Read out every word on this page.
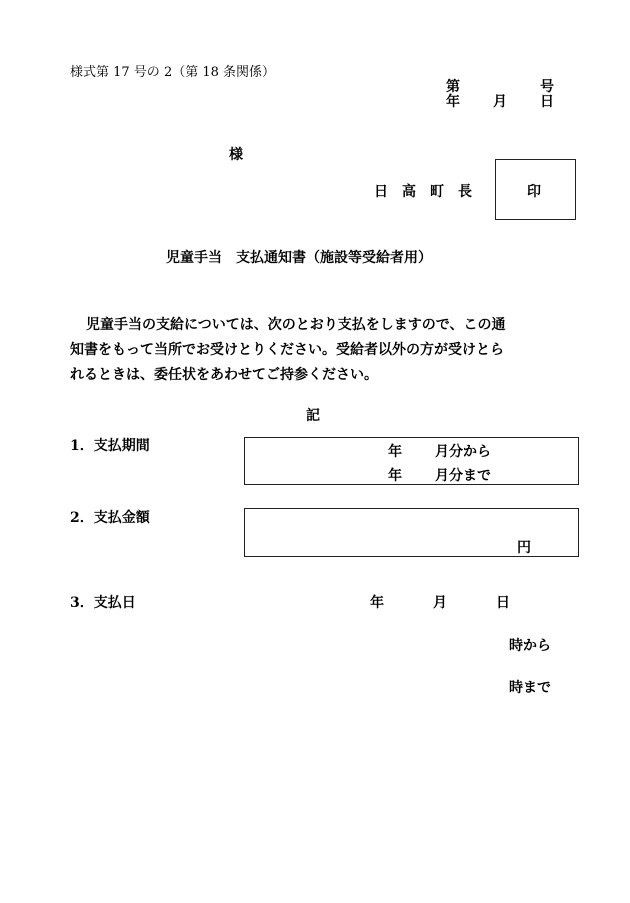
様式第 17 号の 2（第 18 条関係）
第	号
年 月 日
様
日　高　町　長	印
児童手当　支払通知書（施設等受給者用）
児童手当の支給については、次のとおり支払をしますので、この通
知書をもって当所でお受けとりください。受給者以外の方が受けとら
れるときは、委任状をあわせてご持参ください。
記
1．支払期間	年 月分から
年 月分まで
2．支払金額
円
3．支払日	年	月	日
時から
時まで
